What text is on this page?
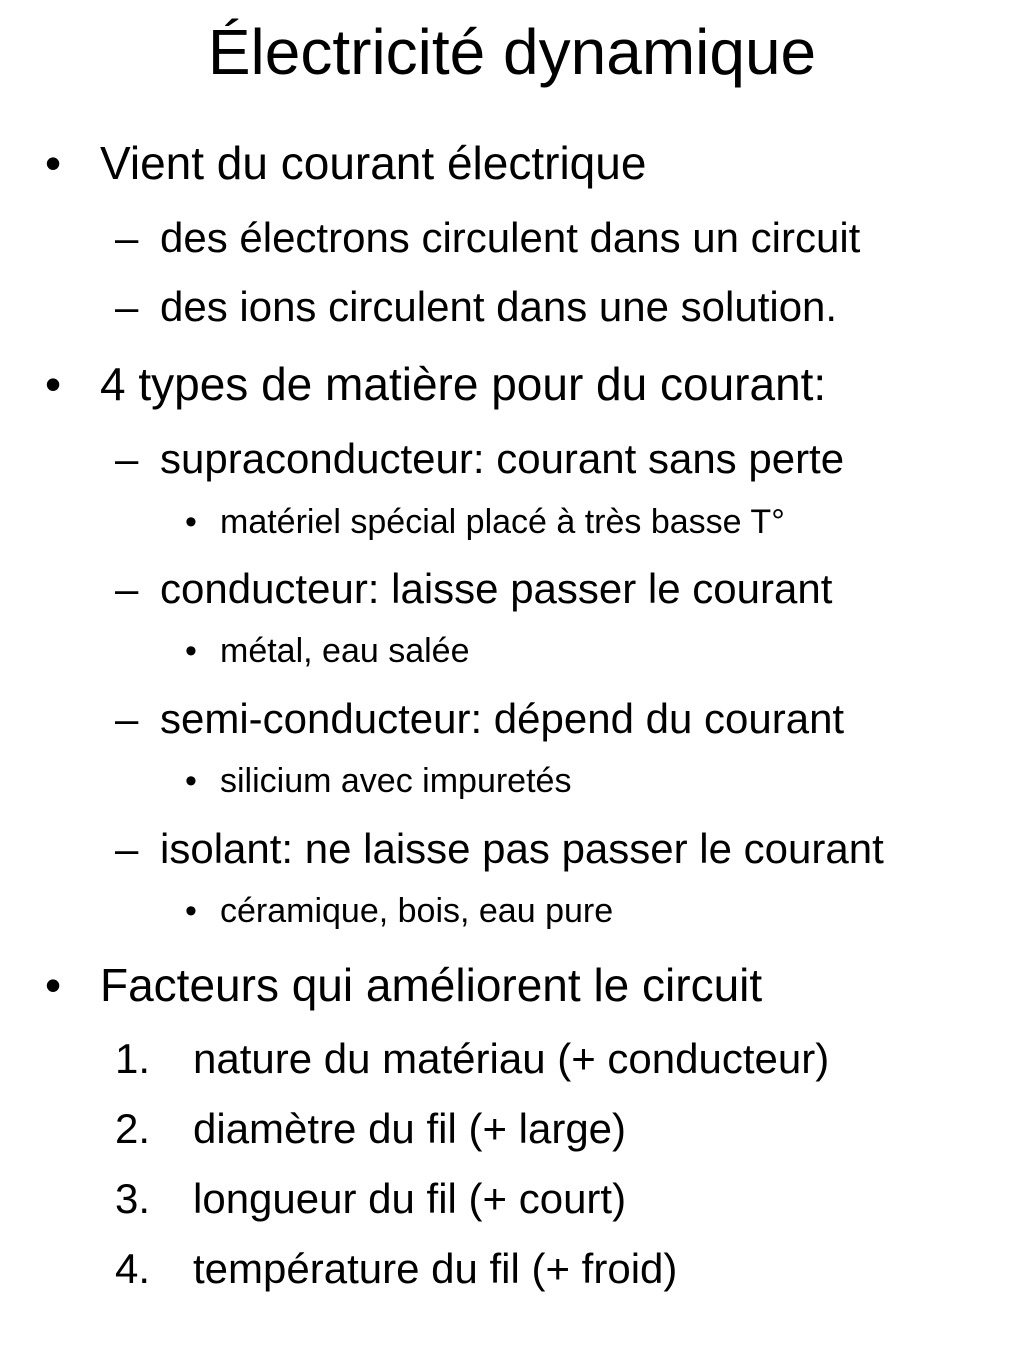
Électricité dynamique
• Vient du courant électrique
– des électrons circulent dans un circuit
– des ions circulent dans une solution.
• 4 types de matière pour du courant:
– supraconducteur: courant sans perte
• matériel spécial placé à très basse T°
– conducteur: laisse passer le courant
• métal, eau salée
– semi-conducteur: dépend du courant
• silicium avec impuretés
– isolant: ne laisse pas passer le courant
• céramique, bois, eau pure
• Facteurs qui améliorent le circuit
1. nature du matériau (+ conducteur)
2. diamètre du fil (+ large)
3. longueur du fil (+ court)
4. température du fil (+ froid)
